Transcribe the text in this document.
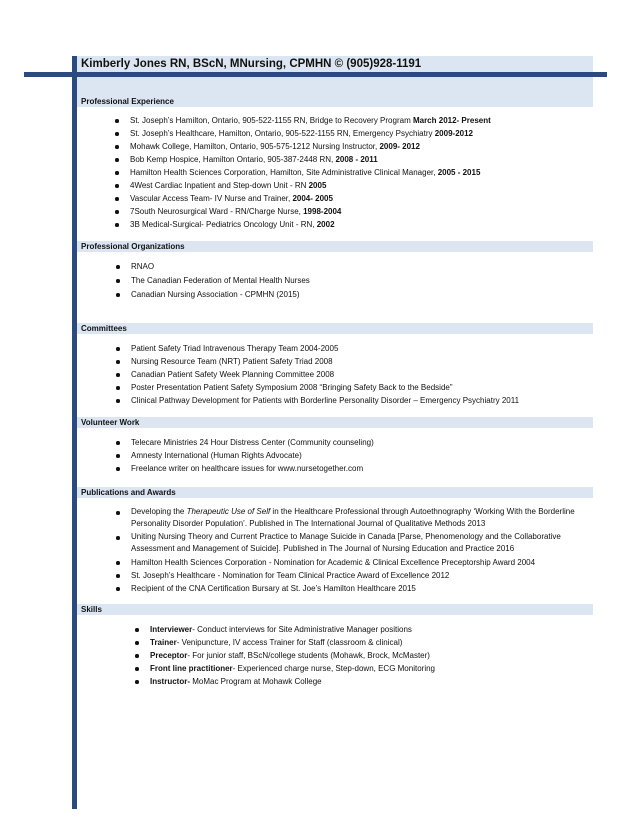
Kimberly Jones RN, BScN, MNursing, CPMHN © (905)928-1191
Professional Experience
St. Joseph’s Hamilton, Ontario, 905-522-1155 RN, Bridge to Recovery Program March 2012- Present
St. Joseph’s Healthcare, Hamilton, Ontario, 905-522-1155 RN, Emergency Psychiatry 2009-2012
Mohawk College, Hamilton, Ontario, 905-575-1212 Nursing Instructor, 2009- 2012
Bob Kemp Hospice, Hamilton Ontario, 905-387-2448 RN, 2008 - 2011
Hamilton Health Sciences Corporation, Hamilton, Site Administrative Clinical Manager, 2005 - 2015
4West Cardiac Inpatient and Step-down Unit - RN 2005
Vascular Access Team- IV Nurse and Trainer, 2004- 2005
7South Neurosurgical Ward - RN/Charge Nurse, 1998-2004
3B Medical-Surgical- Pediatrics Oncology Unit - RN, 2002
Professional Organizations
RNAO
The Canadian Federation of Mental Health Nurses
Canadian Nursing Association - CPMHN (2015)
Committees
Patient Safety Triad Intravenous Therapy Team 2004-2005
Nursing Resource Team (NRT) Patient Safety Triad 2008
Canadian Patient Safety Week Planning Committee 2008
Poster Presentation Patient Safety Symposium 2008 “Bringing Safety Back to the Bedside”
Clinical Pathway Development for Patients with Borderline Personality Disorder – Emergency Psychiatry 2011
Volunteer Work
Telecare Ministries 24 Hour Distress Center (Community counseling)
Amnesty International (Human Rights Advocate)
Freelance writer on healthcare issues for www.nursetogether.com
Publications and Awards
Developing the Therapeutic Use of Self in the Healthcare Professional through Autoethnography ‘Working With the Borderline Personality Disorder Population’. Published in The International Journal of Qualitative Methods 2013
Uniting Nursing Theory and Current Practice to Manage Suicide in Canada [Parse, Phenomenology and the Collaborative Assessment and Management of Suicide]. Published in The Journal of Nursing Education and Practice 2016
Hamilton Health Sciences Corporation - Nomination for Academic & Clinical Excellence Preceptorship Award 2004
St. Joseph’s Healthcare - Nomination for Team Clinical Practice Award of Excellence 2012
Recipient of the CNA Certification Bursary at St. Joe’s Hamilton Healthcare 2015
Skills
Interviewer- Conduct interviews for Site Administrative Manager positions
Trainer- Venipuncture, IV access Trainer for Staff (classroom & clinical)
Preceptor- For junior staff, BScN/college students (Mohawk, Brock, McMaster)
Front line practitioner- Experienced charge nurse, Step-down, ECG Monitoring
Instructor- MoMac Program at Mohawk College
